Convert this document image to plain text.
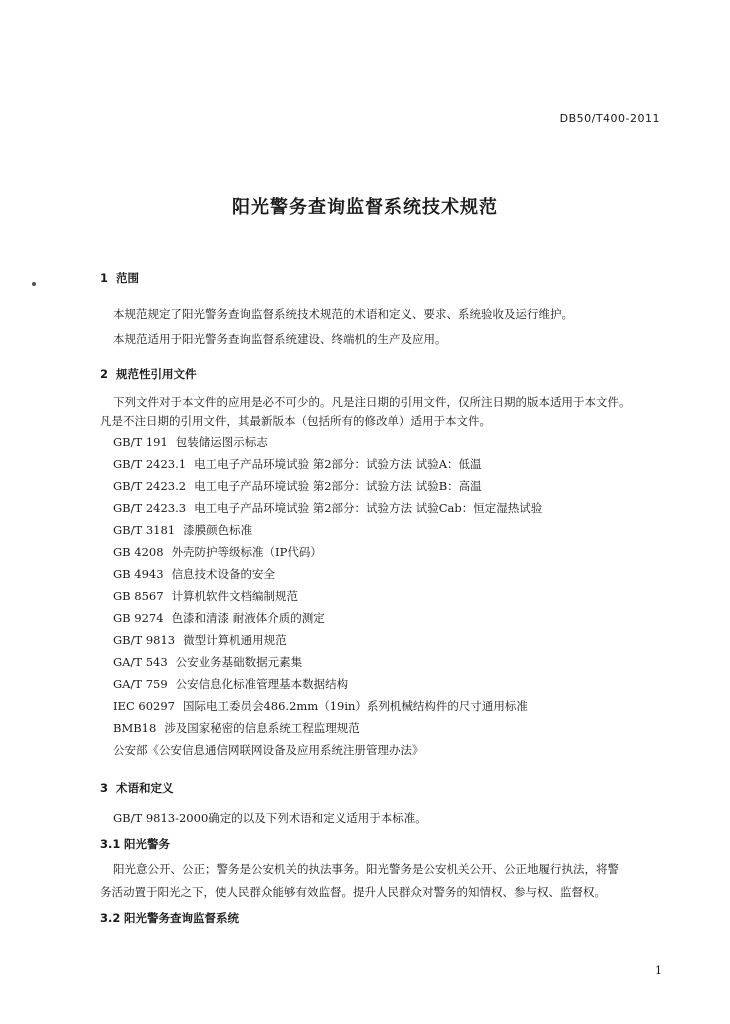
DB50/T400-2011
阳光警务查询监督系统技术规范
1 范围
本规范规定了阳光警务查询监督系统技术规范的术语和定义、要求、系统验收及运行维护。
本规范适用于阳光警务查询监督系统建设、终端机的生产及应用。
2 规范性引用文件
下列文件对于本文件的应用是必不可少的。凡是注日期的引用文件，仅所注日期的版本适用于本文件。
凡是不注日期的引用文件，其最新版本（包括所有的修改单）适用于本文件。
GB/T 191 包装储运图示标志
GB/T 2423.1 电工电子产品环境试验 第2部分：试验方法 试验A：低温
GB/T 2423.2 电工电子产品环境试验 第2部分：试验方法 试验B：高温
GB/T 2423.3 电工电子产品环境试验 第2部分：试验方法 试验Cab：恒定湿热试验
GB/T 3181 漆膜颜色标准
GB 4208 外壳防护等级标准（IP代码）
GB 4943 信息技术设备的安全
GB 8567 计算机软件文档编制规范
GB 9274 色漆和清漆 耐液体介质的测定
GB/T 9813 微型计算机通用规范
GA/T 543 公安业务基础数据元素集
GA/T 759 公安信息化标准管理基本数据结构
IEC 60297 国际电工委员会486.2mm（19in）系列机械结构件的尺寸通用标准
BMB18 涉及国家秘密的信息系统工程监理规范
公安部《公安信息通信网联网设备及应用系统注册管理办法》
3 术语和定义
GB/T 9813-2000确定的以及下列术语和定义适用于本标准。
3.1 阳光警务
阳光意公开、公正；警务是公安机关的执法事务。阳光警务是公安机关公开、公正地履行执法，将警
务活动置于阳光之下，使人民群众能够有效监督。提升人民群众对警务的知情权、参与权、监督权。
3.2 阳光警务查询监督系统
1
